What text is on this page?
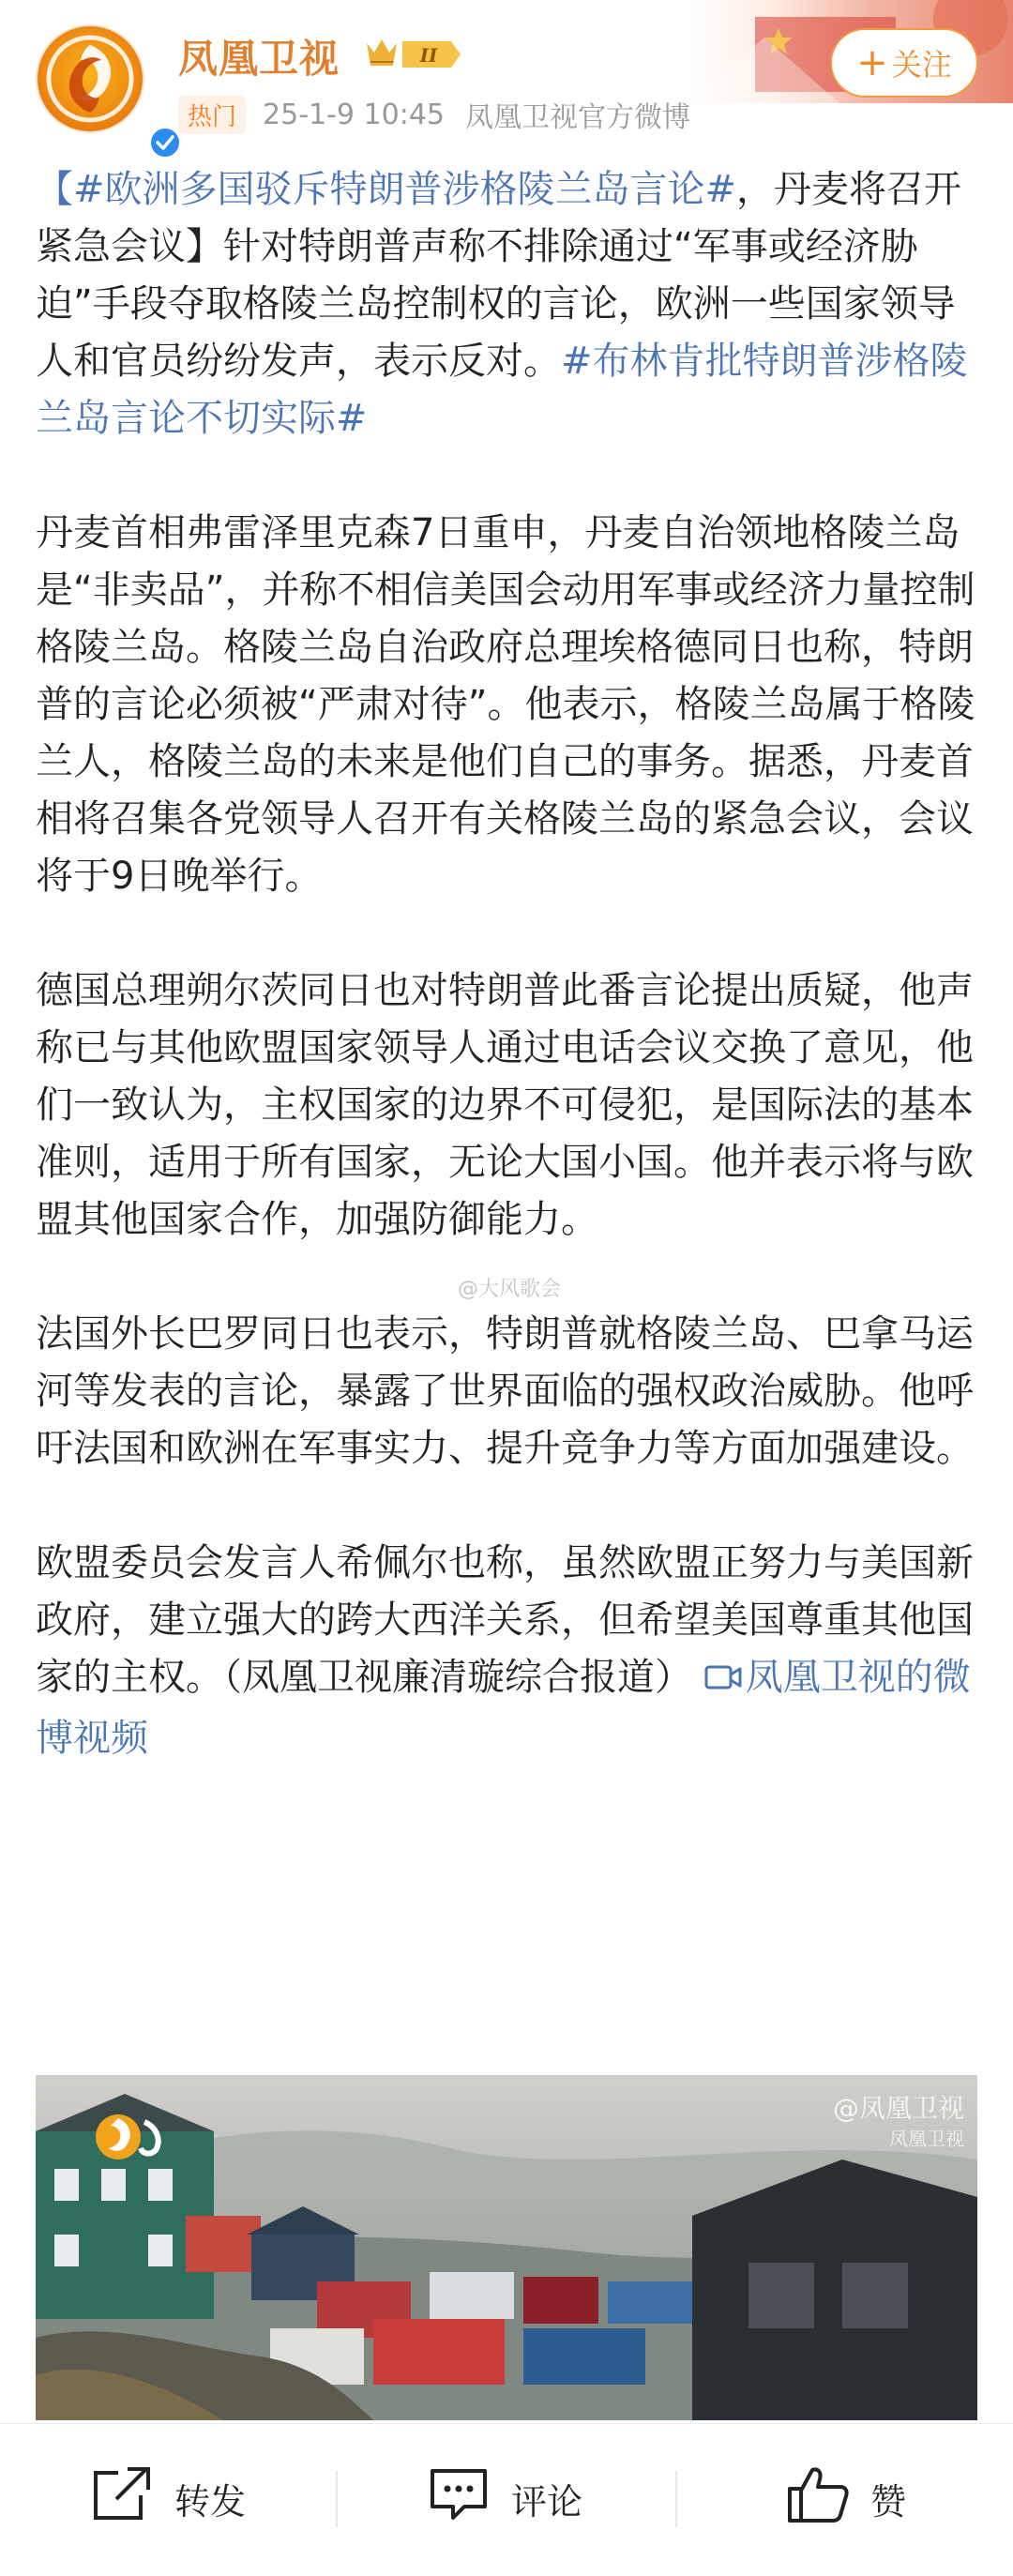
凤凰卫视	II
热门 25-1-9 10:45 凤凰卫视官方微博
+ 关注

【#欧洲多国驳斥特朗普涉格陵兰岛言论#，丹麦将召开紧急会议】针对特朗普声称不排除通过“军事或经济胁迫”手段夺取格陵兰岛控制权的言论，欧洲一些国家领导人和官员纷纷发声，表示反对。#布林肯批特朗普涉格陵兰岛言论不切实际#

丹麦首相弗雷泽里克森7日重申，丹麦自治领地格陵兰岛是“非卖品”，并称不相信美国会动用军事或经济力量控制格陵兰岛。格陵兰岛自治政府总理埃格德同日也称，特朗普的言论必须被“严肃对待”。他表示，格陵兰岛属于格陵兰人，格陵兰岛的未来是他们自己的事务。据悉，丹麦首相将召集各党领导人召开有关格陵兰岛的紧急会议，会议将于9日晚举行。

德国总理朔尔茨同日也对特朗普此番言论提出质疑，他声称已与其他欧盟国家领导人通过电话会议交换了意见，他们一致认为，主权国家的边界不可侵犯，是国际法的基本准则，适用于所有国家，无论大国小国。他并表示将与欧盟其他国家合作，加强防御能力。

法国外长巴罗同日也表示，特朗普就格陵兰岛、巴拿马运河等发表的言论，暴露了世界面临的强权政治威胁。他呼吁法国和欧洲在军事实力、提升竞争力等方面加强建设。

欧盟委员会发言人希佩尔也称，虽然欧盟正努力与美国新政府，建立强大的跨大西洋关系，但希望美国尊重其他国家的主权。（凤凰卫视廉清璇综合报道） 凤凰卫视的微博视频

@大风歌会
@凤凰卫视
凤凰卫视
转发	评论	赞
